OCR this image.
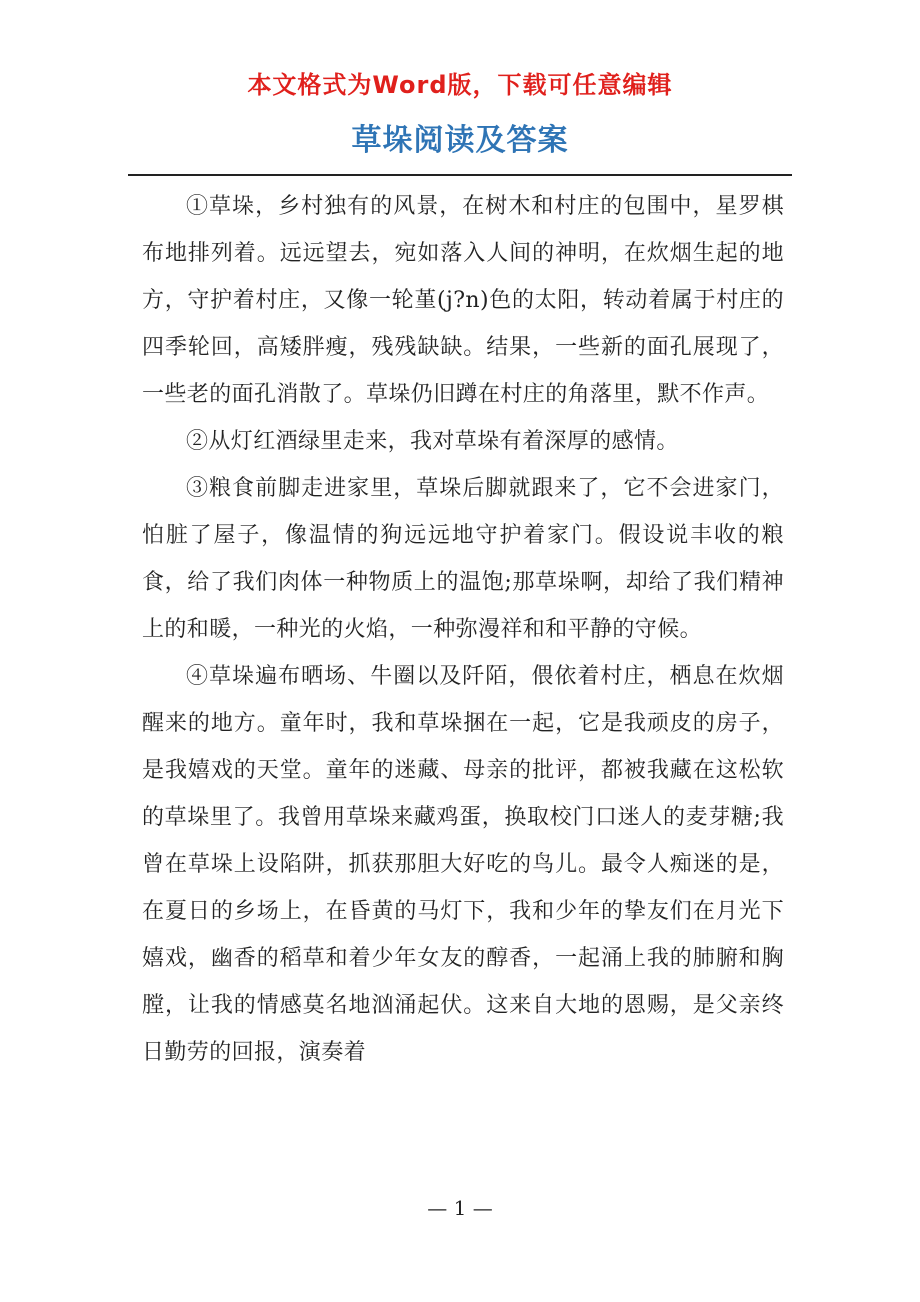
本文格式为Word版，下载可任意编辑
草垛阅读及答案

①草垛，乡村独有的风景，在树木和村庄的包围中，星罗棋布地排列着。远远望去，宛如落入人间的神明，在炊烟生起的地方，守护着村庄，又像一轮堇(j?n)色的太阳，转动着属于村庄的四季轮回，高矮胖瘦，残残缺缺。结果，一些新的面孔展现了，一些老的面孔消散了。草垛仍旧蹲在村庄的角落里，默不作声。

②从灯红酒绿里走来，我对草垛有着深厚的感情。

③粮食前脚走进家里，草垛后脚就跟来了，它不会进家门，怕脏了屋子，像温情的狗远远地守护着家门。假设说丰收的粮食，给了我们肉体一种物质上的温饱;那草垛啊，却给了我们精神上的和暖，一种光的火焰，一种弥漫祥和和平静的守候。

④草垛遍布晒场、牛圈以及阡陌，偎依着村庄，栖息在炊烟醒来的地方。童年时，我和草垛捆在一起，它是我顽皮的房子，是我嬉戏的天堂。童年的迷藏、母亲的批评，都被我藏在这松软的草垛里了。我曾用草垛来藏鸡蛋，换取校门口迷人的麦芽糖;我曾在草垛上设陷阱，抓获那胆大好吃的鸟儿。最令人痴迷的是，在夏日的乡场上，在昏黄的马灯下，我和少年的挚友们在月光下嬉戏，幽香的稻草和着少年女友的醇香，一起涌上我的肺腑和胸膛，让我的情感莫名地汹涌起伏。这来自大地的恩赐，是父亲终日勤劳的回报，演奏着

— 1 —
